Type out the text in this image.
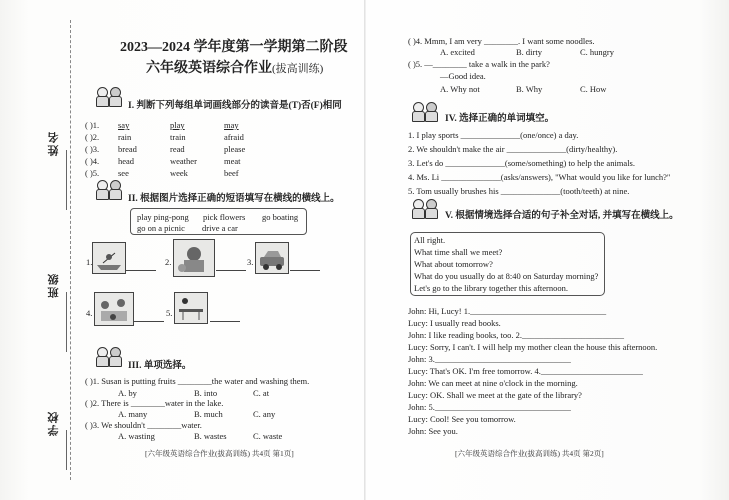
姓名
班级
学校
2023—2024 学年度第一学期第二阶段
六年级英语综合作业(拔高训练)
I. 判断下列每组单词画线部分的读音是(T)否(F)相同
( )1. say	play	may
( )2. rain	train	afraid
( )3. bread	read	please
( )4. head	weather	meat
( )5. see	week	beef
II. 根据图片选择正确的短语填写在横线的横线上。
play ping-pong pick flowers go boating
go on a picnic drive a car
1.	2.	3.
4.	5.
III. 单项选择。
( )1. Susan is putting fruits ________the water and washing them.
A. by	B. into	C. at
( )2. There is ________water in the lake.
A. many	B. much	C. any
( )3. We shouldn't ________water.
A. wasting	B. wastes	C. waste
[六年级英语综合作业(拔高训练) 共4页 第1页]
( )4. Mmm, I am very ________. I want some noodles.
A. excited	B. dirty	C. hungry
( )5. —________ take a walk in the park?
—Good idea.
A. Why not	B. Why	C. How
IV. 选择正确的单词填空。
1. I play sports ______________(one/once) a day.
2. We shouldn't make the air ______________(dirty/healthy).
3. Let's do ______________(some/something) to help the animals.
4. Ms. Li ______________(asks/answers), "What would you like for lunch?"
5. Tom usually brushes his ______________(tooth/teeth) at nine.
V. 根据情境选择合适的句子补全对话, 并填写在横线上。
All right.
What time shall we meet?
What about tomorrow?
What do you usually do at 8:40 on Saturday morning?
Let's go to the library together this afternoon.
John: Hi, Lucy! 1.________________________________
Lucy: I usually read books.
John: I like reading books, too. 2.________________________
Lucy: Sorry, I can't. I will help my mother clean the house this afternoon.
John: 3.________________________________
Lucy: That's OK. I'm free tomorrow. 4.________________________
John: We can meet at nine o'clock in the morning.
Lucy: OK. Shall we meet at the gate of the library?
John: 5.________________________________
Lucy: Cool! See you tomorrow.
John: See you.
[六年级英语综合作业(拔高训练) 共4页 第2页]
